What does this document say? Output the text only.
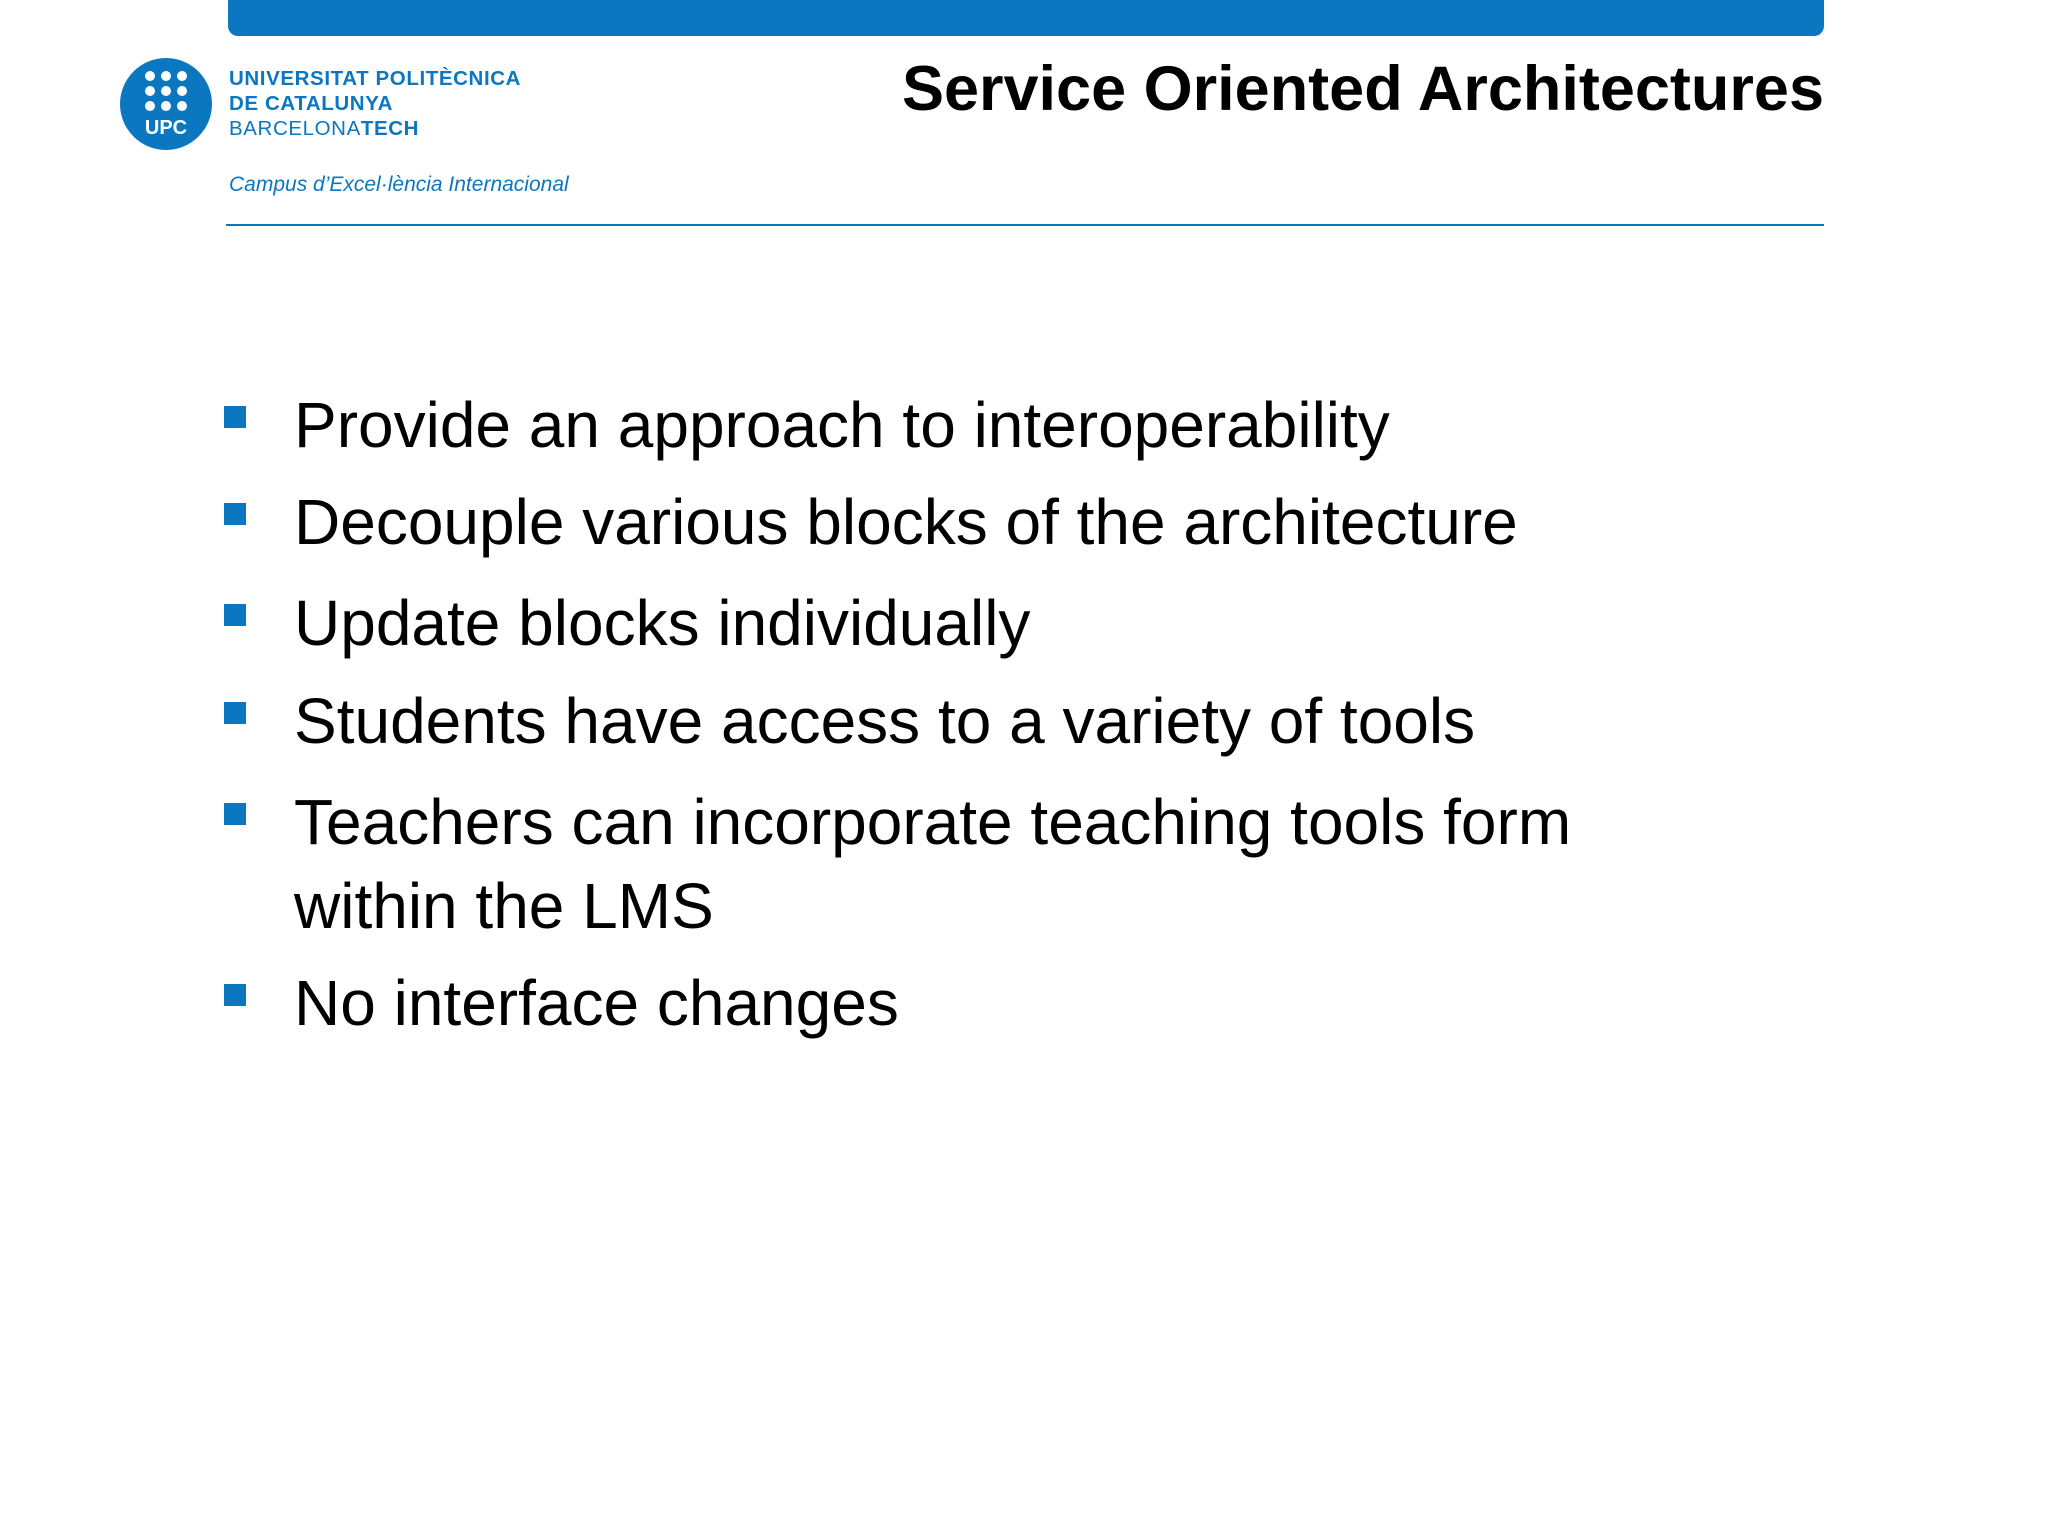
UPC
UNIVERSITAT POLITÈCNICA
DE CATALUNYA
BARCELONATECH
Campus d’Excel·lència Internacional
Service Oriented Architectures
Provide an approach to interoperability
Decouple various blocks of the architecture
Update blocks individually
Students have access to a variety of tools
Teachers can incorporate teaching tools form within the LMS
No interface changes
